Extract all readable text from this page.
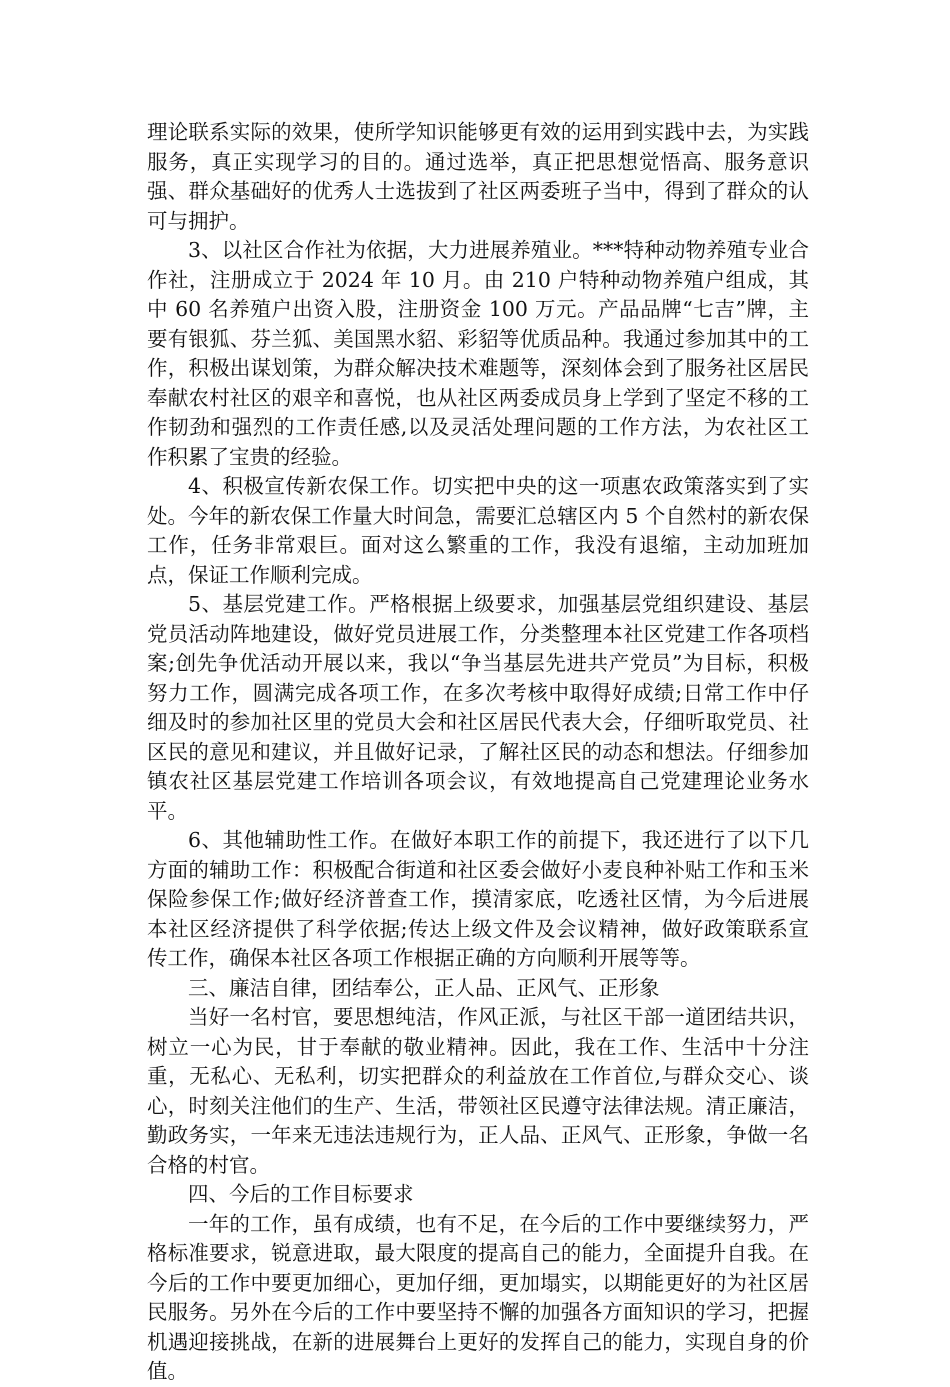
理论联系实际的效果，使所学知识能够更有效的运用到实践中去，为实践服务，真正实现学习的目的。通过选举，真正把思想觉悟高、服务意识强、群众基础好的优秀人士选拔到了社区两委班子当中，得到了群众的认可与拥护。

3、以社区合作社为依据，大力进展养殖业。***特种动物养殖专业合作社，注册成立于 2024 年 10 月。由 210 户特种动物养殖户组成，其中 60 名养殖户出资入股，注册资金 100 万元。产品品牌“七吉”牌，主要有银狐、芬兰狐、美国黑水貂、彩貂等优质品种。我通过参加其中的工作，积极出谋划策，为群众解决技术难题等，深刻体会到了服务社区居民奉献农村社区的艰辛和喜悦，也从社区两委成员身上学到了坚定不移的工作韧劲和强烈的工作责任感,以及灵活处理问题的工作方法，为农社区工作积累了宝贵的经验。

4、积极宣传新农保工作。切实把中央的这一项惠农政策落实到了实处。今年的新农保工作量大时间急，需要汇总辖区内 5 个自然村的新农保工作，任务非常艰巨。面对这么繁重的工作，我没有退缩，主动加班加点，保证工作顺利完成。

5、基层党建工作。严格根据上级要求，加强基层党组织建设、基层党员活动阵地建设，做好党员进展工作，分类整理本社区党建工作各项档案;创先争优活动开展以来，我以“争当基层先进共产党员”为目标，积极努力工作，圆满完成各项工作，在多次考核中取得好成绩;日常工作中仔细及时的参加社区里的党员大会和社区居民代表大会，仔细听取党员、社区民的意见和建议，并且做好记录，了解社区民的动态和想法。仔细参加镇农社区基层党建工作培训各项会议，有效地提高自己党建理论业务水平。

6、其他辅助性工作。在做好本职工作的前提下，我还进行了以下几方面的辅助工作：积极配合街道和社区委会做好小麦良种补贴工作和玉米保险参保工作;做好经济普查工作，摸清家底，吃透社区情，为今后进展本社区经济提供了科学依据;传达上级文件及会议精神，做好政策联系宣传工作，确保本社区各项工作根据正确的方向顺利开展等等。

三、廉洁自律，团结奉公，正人品、正风气、正形象

当好一名村官，要思想纯洁，作风正派，与社区干部一道团结共识，树立一心为民，甘于奉献的敬业精神。因此，我在工作、生活中十分注重，无私心、无私利，切实把群众的利益放在工作首位,与群众交心、谈心，时刻关注他们的生产、生活，带领社区民遵守法律法规。清正廉洁，勤政务实，一年来无违法违规行为，正人品、正风气、正形象，争做一名合格的村官。

四、今后的工作目标要求

一年的工作，虽有成绩，也有不足，在今后的工作中要继续努力，严格标准要求，锐意进取，最大限度的提高自己的能力，全面提升自我。在今后的工作中要更加细心，更加仔细，更加塌实，以期能更好的为社区居民服务。另外在今后的工作中要坚持不懈的加强各方面知识的学习，把握机遇迎接挑战，在新的进展舞台上更好的发挥自己的能力，实现自身的价值。
